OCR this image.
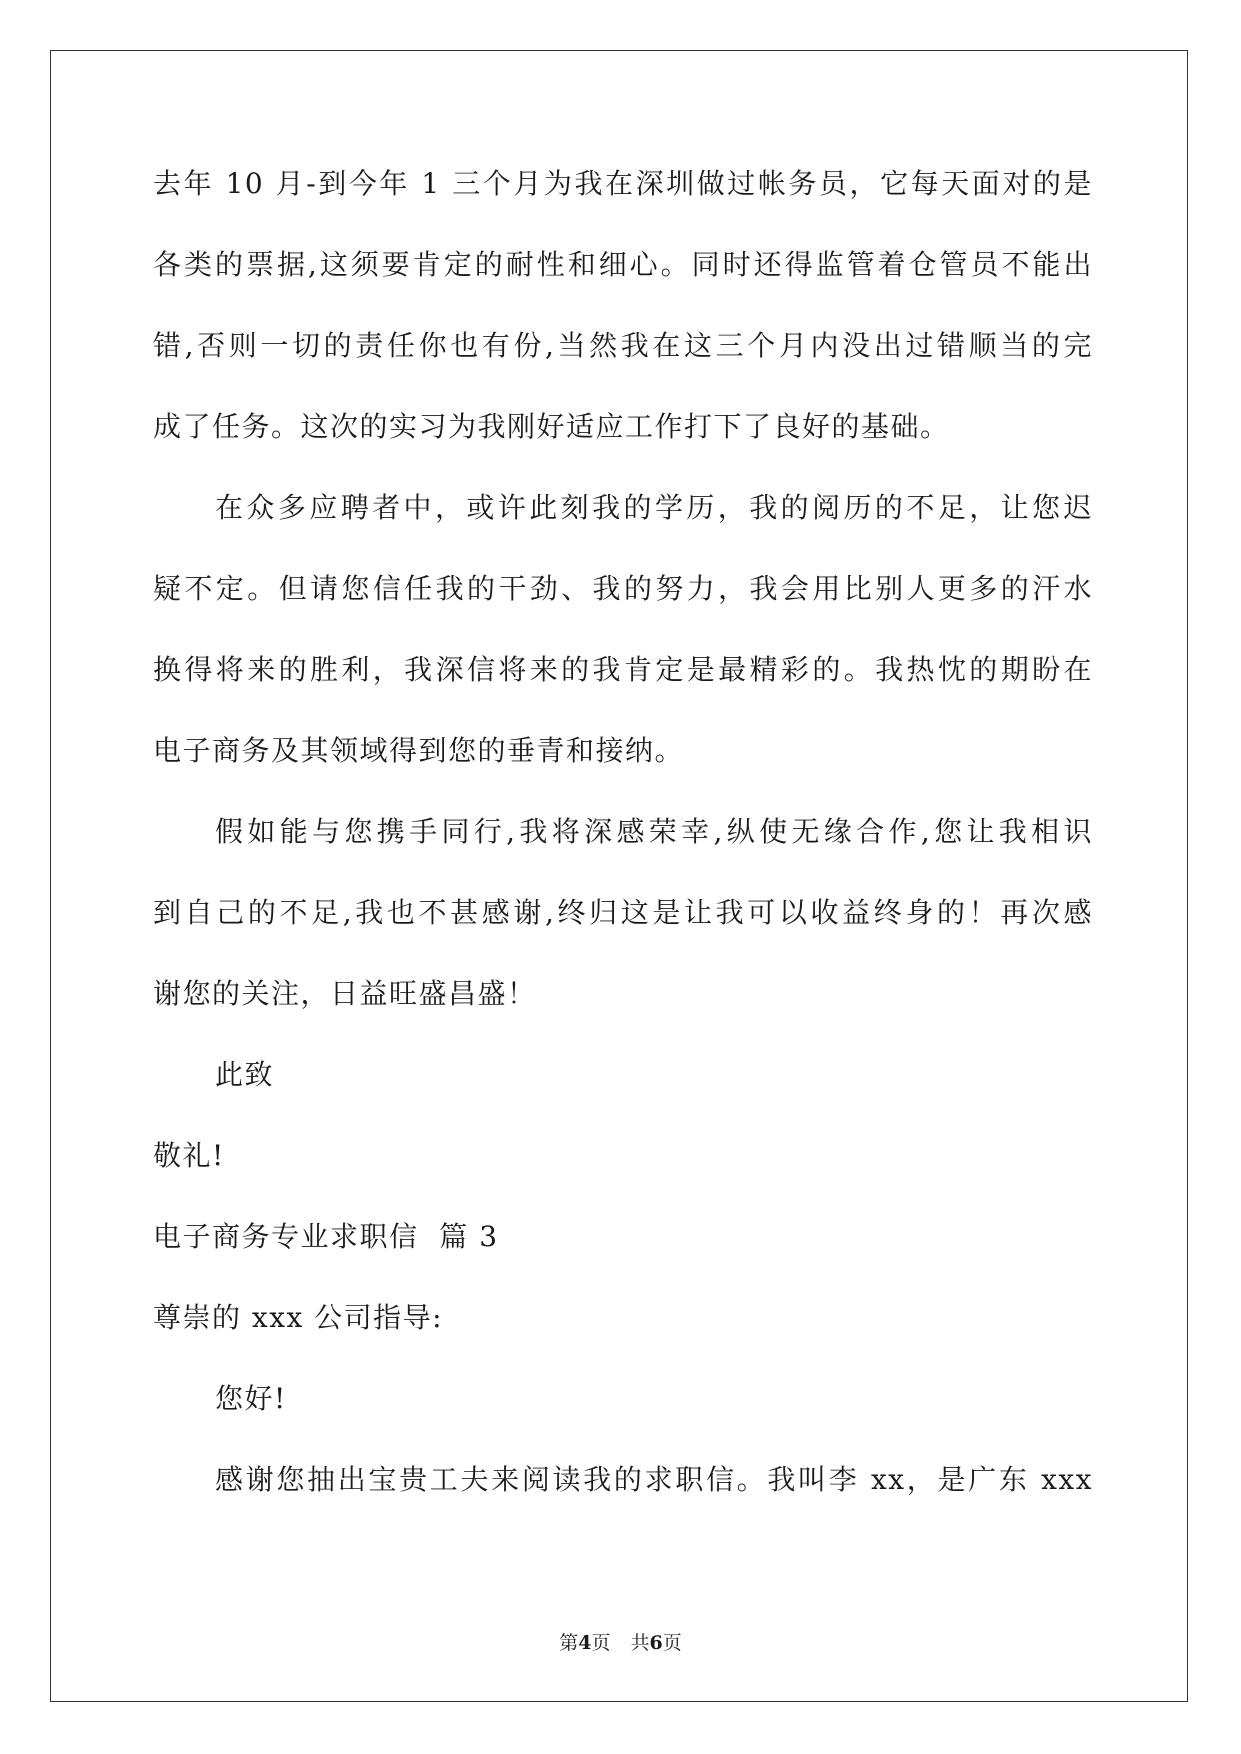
去年 10 月-到今年 1 三个月为我在深圳做过帐务员，它每天面对的是
各类的票据,这须要肯定的耐性和细心。同时还得监管着仓管员不能出
错,否则一切的责任你也有份,当然我在这三个月内没出过错顺当的完
成了任务。这次的实习为我刚好适应工作打下了良好的基础。
在众多应聘者中，或许此刻我的学历，我的阅历的不足，让您迟
疑不定。但请您信任我的干劲、我的努力，我会用比别人更多的汗水
换得将来的胜利，我深信将来的我肯定是最精彩的。我热忱的期盼在
电子商务及其领域得到您的垂青和接纳。
假如能与您携手同行,我将深感荣幸,纵使无缘合作,您让我相识
到自己的不足,我也不甚感谢,终归这是让我可以收益终身的！再次感
谢您的关注，日益旺盛昌盛！
此致
敬礼!
电子商务专业求职信  篇 3
尊崇的 xxx 公司指导:
您好!
感谢您抽出宝贵工夫来阅读我的求职信。我叫李 xx，是广东 xxx
第4页 共6页
